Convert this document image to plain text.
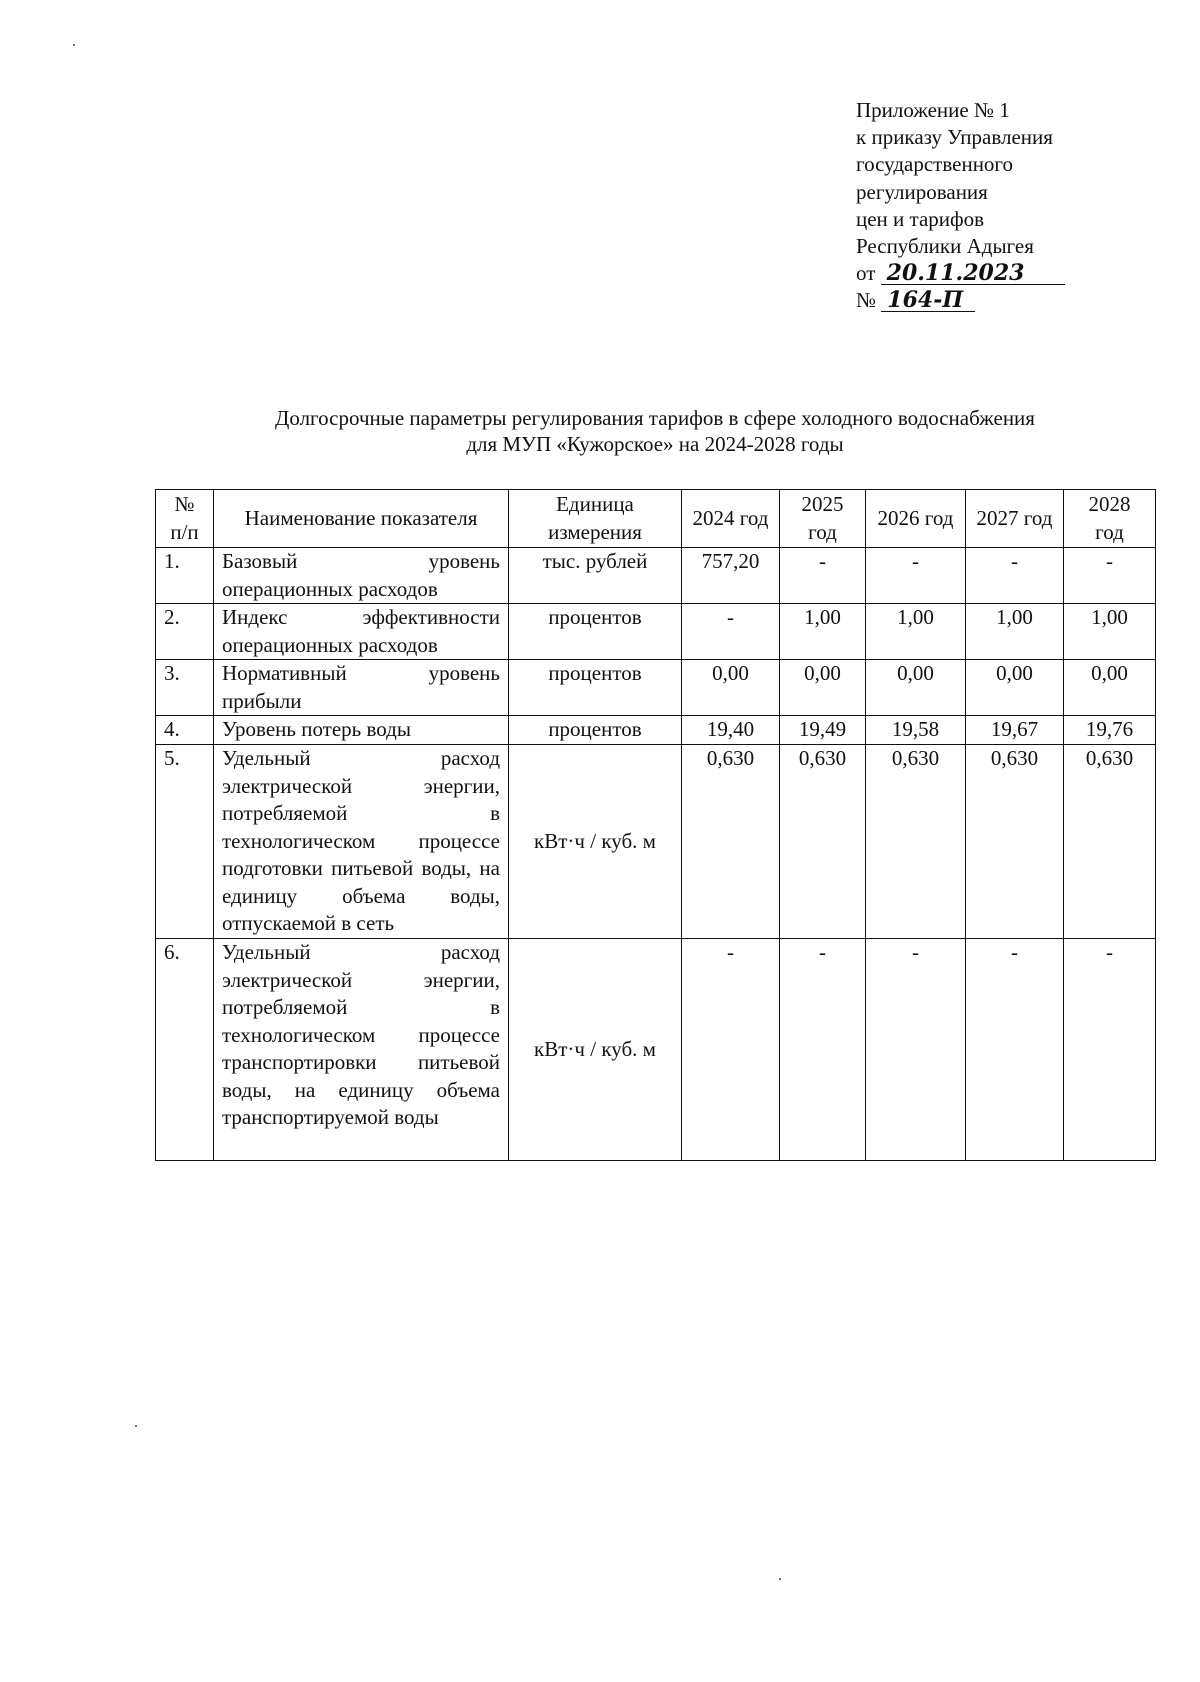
Приложение № 1
к приказу Управления
государственного
регулирования
цен и тарифов
Республики Адыгея
от 20.11.2023
№ 164-П
Долгосрочные параметры регулирования тарифов в сфере холодного водоснабжения
для МУП «Кужорское» на 2024-2028 годы
№ п/п	Наименование показателя	Единица измерения	2024 год	2025 год	2026 год	2027 год	2028 год
1.	Базовый уровень операционных расходов	тыс. рублей	757,20	-	-	-	-
2.	Индекс эффективности операционных расходов	процентов	-	1,00	1,00	1,00	1,00
3.	Нормативный уровень прибыли	процентов	0,00	0,00	0,00	0,00	0,00
4.	Уровень потерь воды	процентов	19,40	19,49	19,58	19,67	19,76
5.	Удельный расход электрической энергии, потребляемой в технологическом процессе подготовки питьевой воды, на единицу объема воды, отпускаемой в сеть	кВт·ч / куб. м	0,630	0,630	0,630	0,630	0,630
6.	Удельный расход электрической энергии, потребляемой в технологическом процессе транспортировки питьевой воды, на единицу объема транспортируемой воды	кВт·ч / куб. м	-	-	-	-	-
